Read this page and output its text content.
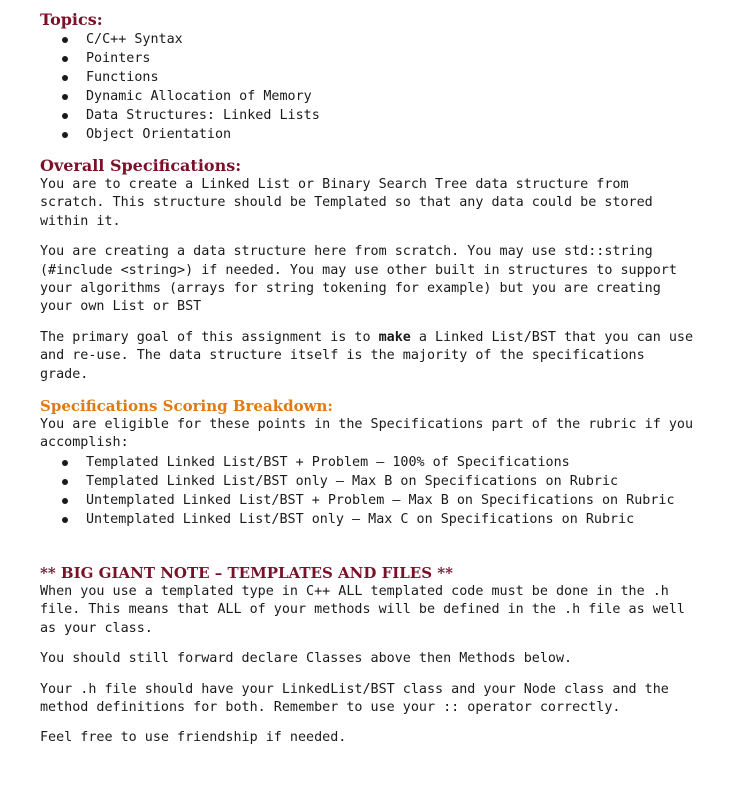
Topics:
C/C++ Syntax
Pointers
Functions
Dynamic Allocation of Memory
Data Structures: Linked Lists
Object Orientation
Overall Specifications:

You are to create a Linked List or Binary Search Tree data structure from
scratch. This structure should be Templated so that any data could be stored
within it.

You are creating a data structure here from scratch. You may use std::string
(#include <string>) if needed. You may use other built in structures to support
your algorithms (arrays for string tokening for example) but you are creating
your own List or BST

The primary goal of this assignment is to make a Linked List/BST that you can use
and re-use. The data structure itself is the majority of the specifications
grade.

Specifications Scoring Breakdown:

You are eligible for these points in the Specifications part of the rubric if you
accomplish:

Templated Linked List/BST + Problem – 100% of Specifications
Templated Linked List/BST only – Max B on Specifications on Rubric
Untemplated Linked List/BST + Problem – Max B on Specifications on Rubric
Untemplated Linked List/BST only – Max C on Specifications on Rubric
** BIG GIANT NOTE – TEMPLATES AND FILES **

When you use a templated type in C++ ALL templated code must be done in the .h
file. This means that ALL of your methods will be defined in the .h file as well
as your class.

You should still forward declare Classes above then Methods below.

Your .h file should have your LinkedList/BST class and your Node class and the
method definitions for both. Remember to use your :: operator correctly.

Feel free to use friendship if needed.
